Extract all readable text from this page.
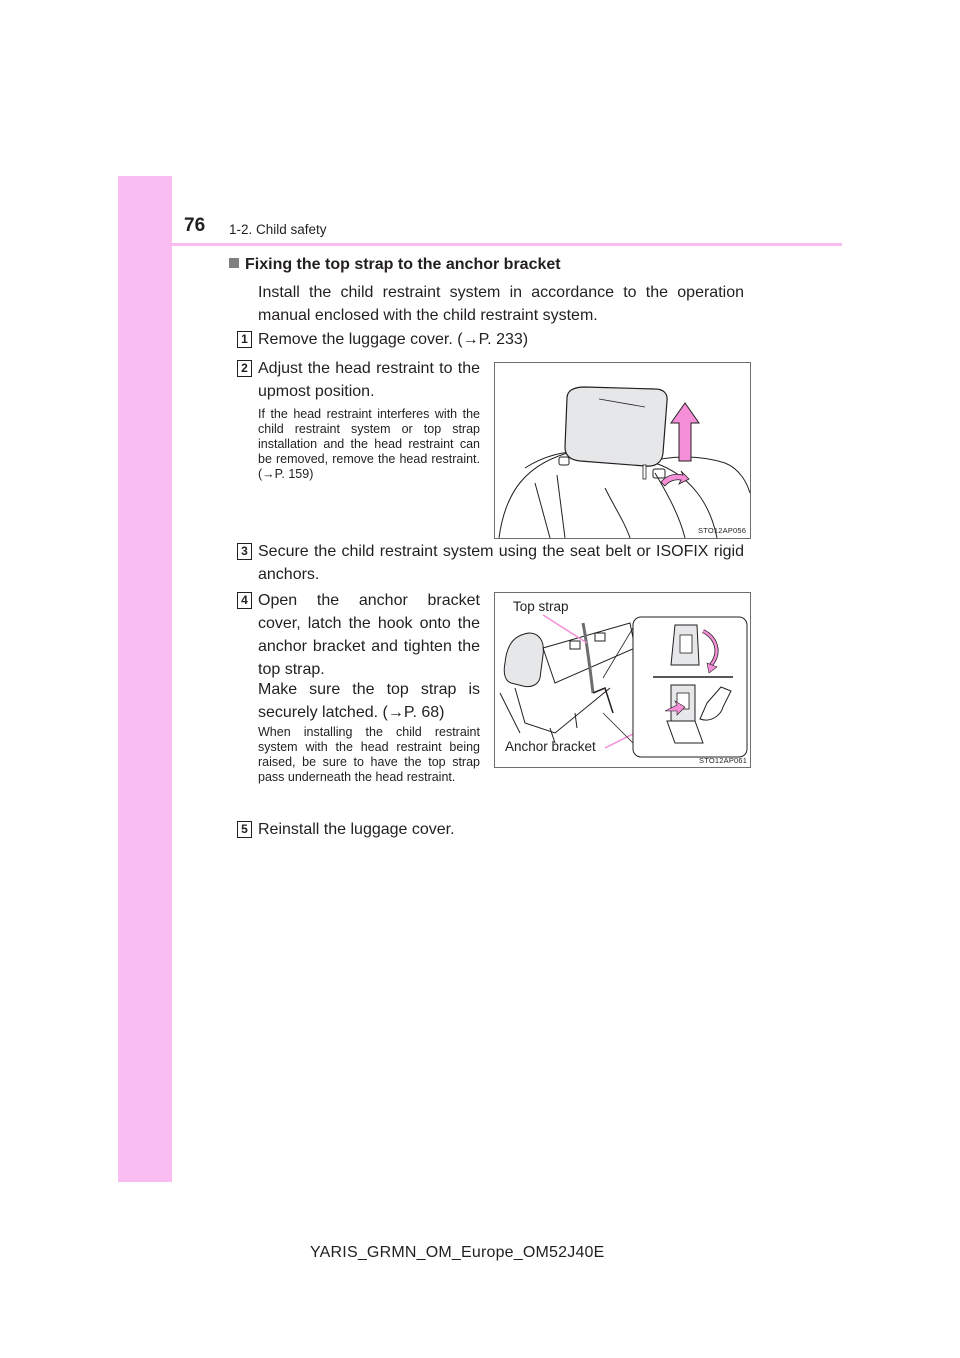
76 1-2. Child safety
Fixing the top strap to the anchor bracket

Install the child restraint system in accordance to the operation manual enclosed with the child restraint system.

1 Remove the luggage cover. (→P. 233)

2 Adjust the head restraint to the upmost position.

If the head restraint interferes with the child restraint system or top strap installation and the head restraint can be removed, remove the head restraint. (→P. 159)

STO12AP056
3 Secure the child restraint system using the seat belt or ISOFIX rigid anchors.

4 Open the anchor bracket cover, latch the hook onto the anchor bracket and tighten the top strap.

Make sure the top strap is securely latched. (→P. 68)

When installing the child restraint system with the head restraint being raised, be sure to have the top strap pass underneath the head restraint.

Top strap
Anchor bracket
STO12AP061
5 Reinstall the luggage cover.

YARIS_GRMN_OM_Europe_OM52J40E
